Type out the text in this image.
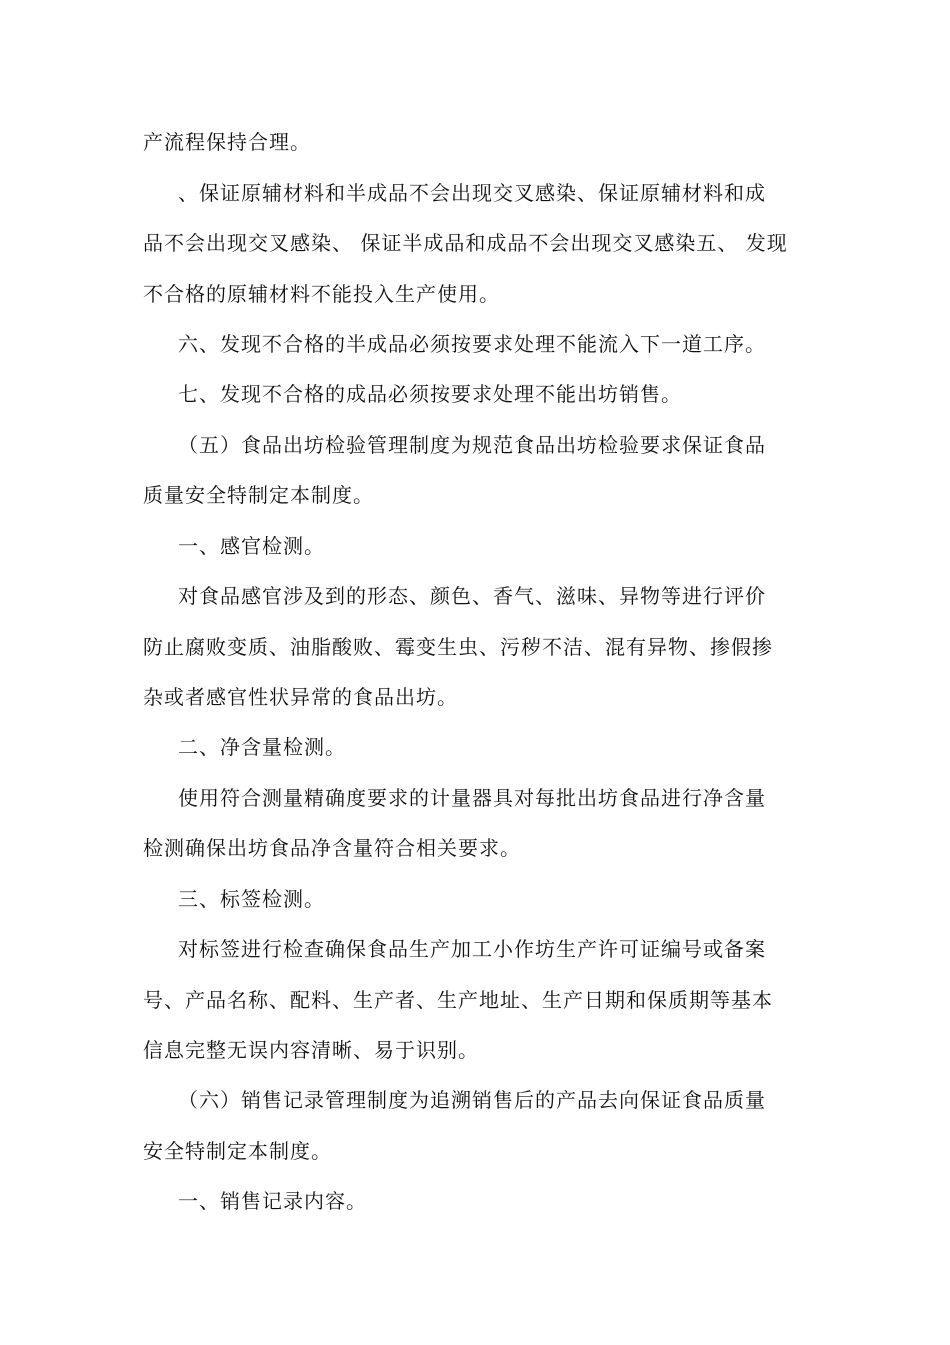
产流程保持合理。
、保证原辅材料和半成品不会出现交叉感染、保证原辅材料和成
品不会出现交叉感染、 保证半成品和成品不会出现交叉感染五、 发现
不合格的原辅材料不能投入生产使用。
六、发现不合格的半成品必须按要求处理不能流入下一道工序。
七、发现不合格的成品必须按要求处理不能出坊销售。
（五）食品出坊检验管理制度为规范食品出坊检验要求保证食品
质量安全特制定本制度。
一、感官检测。
对食品感官涉及到的形态、颜色、香气、滋味、异物等进行评价
防止腐败变质、油脂酸败、霉变生虫、污秽不洁、混有异物、掺假掺
杂或者感官性状异常的食品出坊。
二、净含量检测。
使用符合测量精确度要求的计量器具对每批出坊食品进行净含量
检测确保出坊食品净含量符合相关要求。
三、标签检测。
对标签进行检查确保食品生产加工小作坊生产许可证编号或备案
号、产品名称、配料、生产者、生产地址、生产日期和保质期等基本
信息完整无误内容清晰、易于识别。
（六）销售记录管理制度为追溯销售后的产品去向保证食品质量
安全特制定本制度。
一、销售记录内容。
